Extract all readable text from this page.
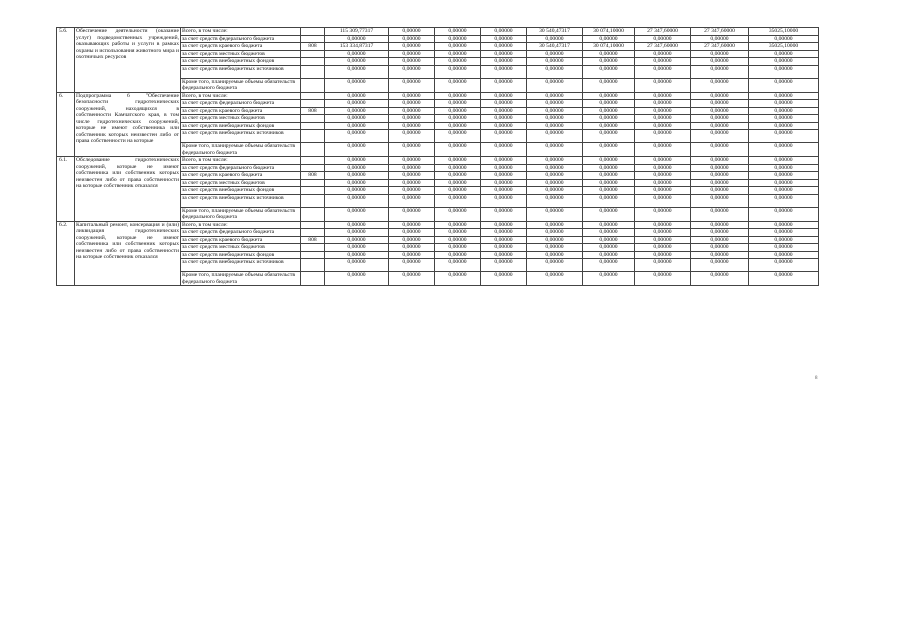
5.6.	Обеспечение деятельности (оказание услуг) подведомственных учреждений, оказывающих работы и услуги в рамках охраны и использования животного мира и охотничьих ресурсов	Всего, в том числе:		115 309,77317	0,00000	0,00000	0,00000	30 540,47317	30 074,10000	27 347,60000	27 347,60000	35025,10000
		за счет средств федерального бюджета		0,00000	0,00000	0,00000	0,00000	0,00000	0,00000	0,00000	0,00000	0,00000
		за счет средств краевого бюджета	808	153 334,87317	0,00000	0,00000	0,00000	30 540,47317	30 074,10000	27 347,60000	27 347,60000	35025,10000
		за счет средств местных бюджетов		0,00000	0,00000	0,00000	0,00000	0,00000	0,00000	0,00000	0,00000	0,00000
		за счет средств внебюджетных фондов		0,00000	0,00000	0,00000	0,00000	0,00000	0,00000	0,00000	0,00000	0,00000
		за счет средств внебюджетных источников		0,00000	0,00000	0,00000	0,00000	0,00000	0,00000	0,00000	0,00000	0,00000
		Кроме того, планируемые объемы обязательств федерального бюджета		0,00000	0,00000	0,00000	0,00000	0,00000	0,00000	0,00000	0,00000	0,00000
6.	Подпрограмма 6 "Обеспечение безопасности гидротехнических сооружений, находящихся в собственности Камчатского края, в том числе гидротехнических сооружений, которые не имеют собственника или собственник которых неизвестен либо от права собственности на которые	Всего, в том числе:		0,00000	0,00000	0,00000	0,00000	0,00000	0,00000	0,00000	0,00000	0,00000
		за счет средств федерального бюджета		0,00000	0,00000	0,00000	0,00000	0,00000	0,00000	0,00000	0,00000	0,00000
		за счет средств краевого бюджета	808	0,00000	0,00000	0,00000	0,00000	0,00000	0,00000	0,00000	0,00000	0,00000
		за счет средств местных бюджетов		0,00000	0,00000	0,00000	0,00000	0,00000	0,00000	0,00000	0,00000	0,00000
		за счет средств внебюджетных фондов		0,00000	0,00000	0,00000	0,00000	0,00000	0,00000	0,00000	0,00000	0,00000
		за счет средств внебюджетных источников		0,00000	0,00000	0,00000	0,00000	0,00000	0,00000	0,00000	0,00000	0,00000
		Кроме того, планируемые объемы обязательств федерального бюджета		0,00000	0,00000	0,00000	0,00000	0,00000	0,00000	0,00000	0,00000	0,00000
6.1.	Обследование гидротехнических сооружений, которые не имеют собственника или собственник которых неизвестен либо от права собственности на которые собственник отказался	Всего, в том числе:		0,00000	0,00000	0,00000	0,00000	0,00000	0,00000	0,00000	0,00000	0,00000
		за счет средств федерального бюджета		0,00000	0,00000	0,00000	0,00000	0,00000	0,00000	0,00000	0,00000	0,00000
		за счет средств краевого бюджета	808	0,00000	0,00000	0,00000	0,00000	0,00000	0,00000	0,00000	0,00000	0,00000
		за счет средств местных бюджетов		0,00000	0,00000	0,00000	0,00000	0,00000	0,00000	0,00000	0,00000	0,00000
		за счет средств внебюджетных фондов		0,00000	0,00000	0,00000	0,00000	0,00000	0,00000	0,00000	0,00000	0,00000
		за счет средств внебюджетных источников		0,00000	0,00000	0,00000	0,00000	0,00000	0,00000	0,00000	0,00000	0,00000
		Кроме того, планируемые объемы обязательств федерального бюджета		0,00000	0,00000	0,00000	0,00000	0,00000	0,00000	0,00000	0,00000	0,00000
6.2.	Капитальный ремонт, консервация и (или) ликвидация гидротехнических сооружений, которые не имеют собственника или собственник которых неизвестен либо от права собственности на которые собственник отказался	Всего, в том числе:		0,00000	0,00000	0,00000	0,00000	0,00000	0,00000	0,00000	0,00000	0,00000
		за счет средств федерального бюджета		0,00000	0,00000	0,00000	0,00000	0,00000	0,00000	0,00000	0,00000	0,00000
		за счет средств краевого бюджета	808	0,00000	0,00000	0,00000	0,00000	0,00000	0,00000	0,00000	0,00000	0,00000
		за счет средств местных бюджетов		0,00000	0,00000	0,00000	0,00000	0,00000	0,00000	0,00000	0,00000	0,00000
		за счет средств внебюджетных фондов		0,00000	0,00000	0,00000	0,00000	0,00000	0,00000	0,00000	0,00000	0,00000
		за счет средств внебюджетных источников		0,00000	0,00000	0,00000	0,00000	0,00000	0,00000	0,00000	0,00000	0,00000
		Кроме того, планируемые объемы обязательств федерального бюджета		0,00000	0,00000	0,00000	0,00000	0,00000	0,00000	0,00000	0,00000	0,00000
8
